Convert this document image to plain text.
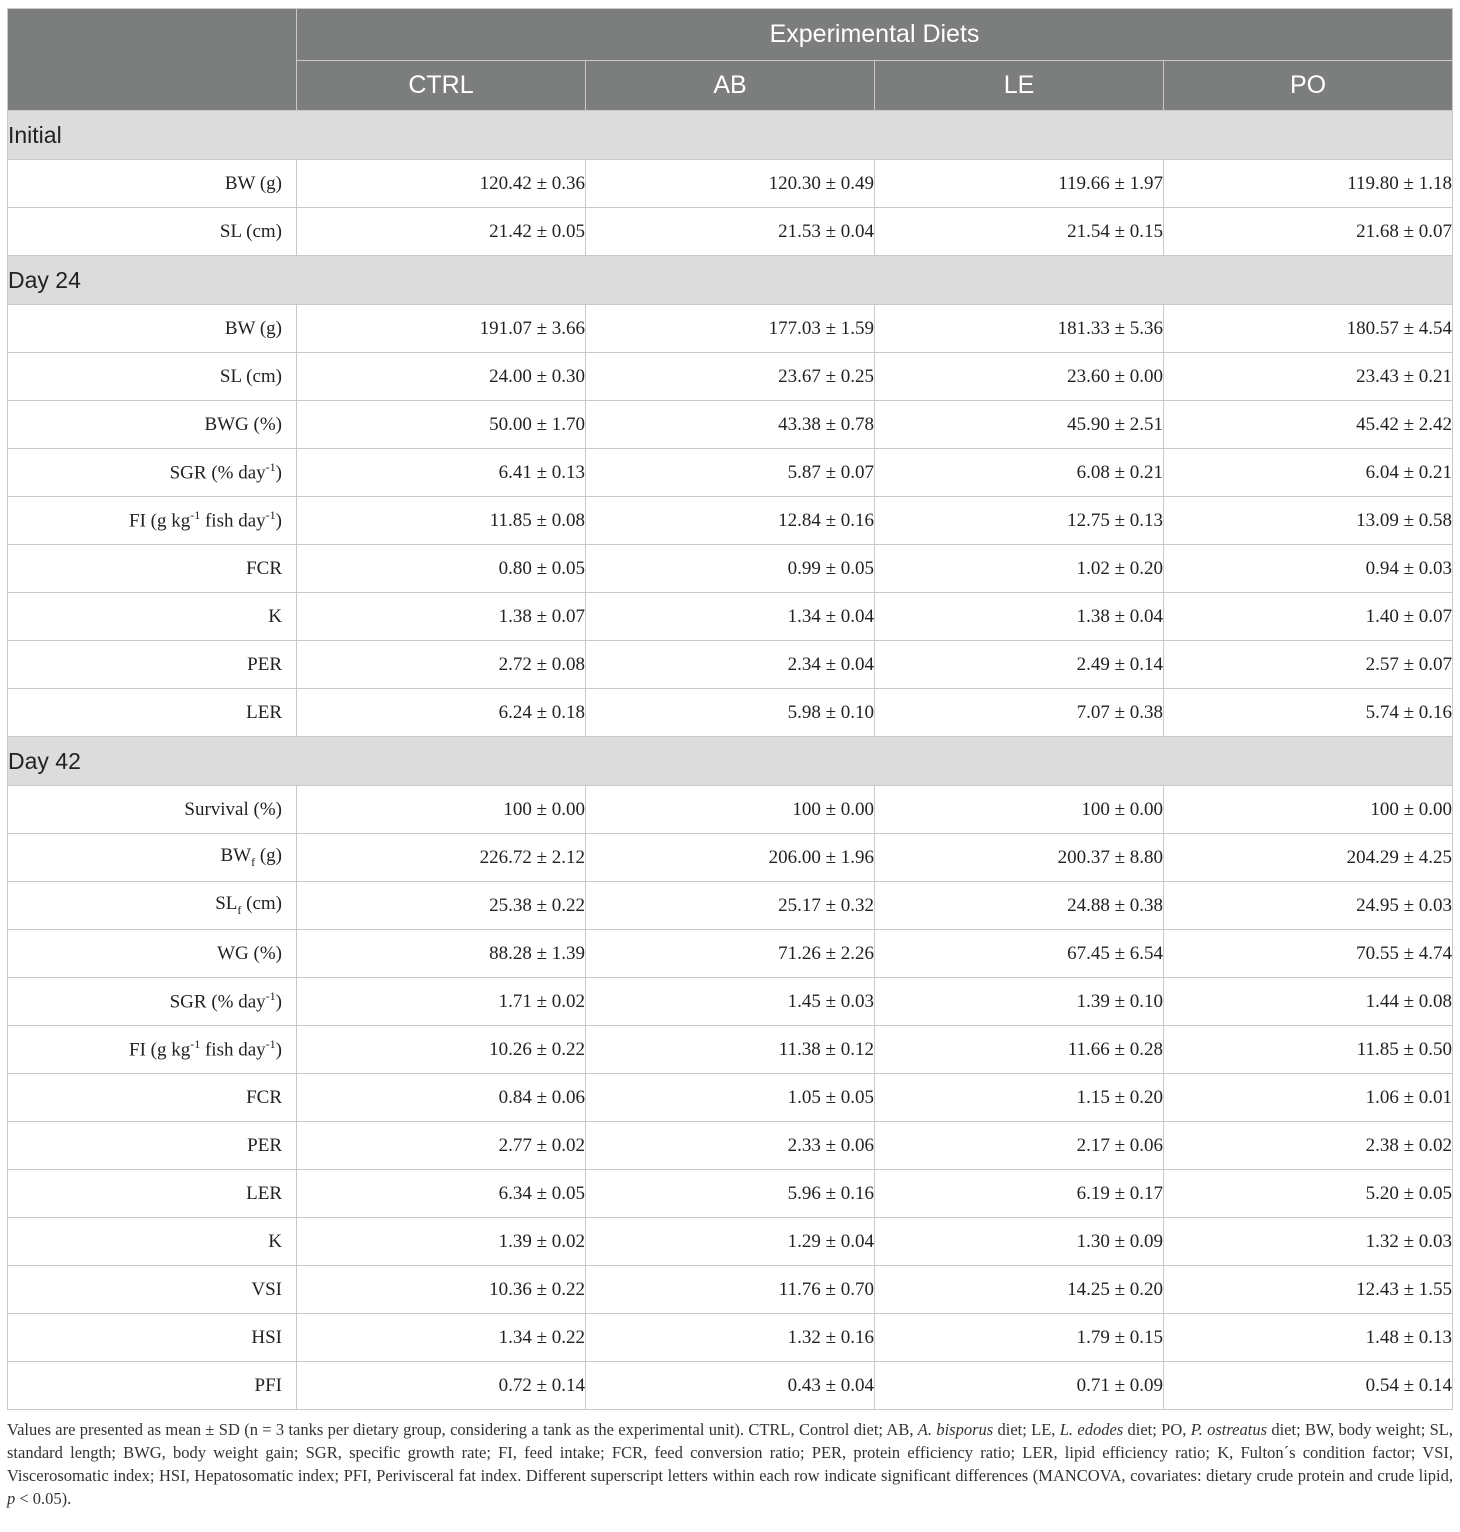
	Experimental Diets			
	CTRL	AB	LE	PO
Initial				
BW (g)	120.42 ± 0.36	120.30 ± 0.49	119.66 ± 1.97	119.80 ± 1.18
SL (cm)	21.42 ± 0.05	21.53 ± 0.04	21.54 ± 0.15	21.68 ± 0.07
Day 24				
BW (g)	191.07 ± 3.66	177.03 ± 1.59	181.33 ± 5.36	180.57 ± 4.54
SL (cm)	24.00 ± 0.30	23.67 ± 0.25	23.60 ± 0.00	23.43 ± 0.21
BWG (%)	50.00 ± 1.70	43.38 ± 0.78	45.90 ± 2.51	45.42 ± 2.42
SGR (% day$^{-1}$)	6.41 ± 0.13	5.87 ± 0.07	6.08 ± 0.21	6.04 ± 0.21
FI (g $kg^{-1}$ fish day$^{-1}$)	11.85 ± 0.08	12.84 ± 0.16	12.75 ± 0.13	13.09 ± 0.58
FCR	0.80 ± 0.05	0.99 ± 0.05	1.02 ± 0.20	0.94 ± 0.03
K	1.38 ± 0.07	1.34 ± 0.04	1.38 ± 0.04	1.40 ± 0.07
PER	2.72 ± 0.08	2.34 ± 0.04	2.49 ± 0.14	2.57 ± 0.07
LER	6.24 ± 0.18	5.98 ± 0.10	7.07 ± 0.38	5.74 ± 0.16
Day 42				
Survival (%)	100 ± 0.00	100 ± 0.00	100 ± 0.00	100 ± 0.00
$BW_f$ (g)	226.72 ± 2.12	206.00 ± 1.96	200.37 ± 8.80	204.29 ± 4.25
$SL_f$ (cm)	25.38 ± 0.22	25.17 ± 0.32	24.88 ± 0.38	24.95 ± 0.03
WG (%)	88.28 ± 1.39	71.26 ± 2.26	67.45 ± 6.54	70.55 ± 4.74
SGR (% day$^{-1}$)	1.71 ± 0.02	1.45 ± 0.03	1.39 ± 0.10	1.44 ± 0.08
FI (g $kg^{-1}$ fish day$^{-1}$)	10.26 ± 0.22	11.38 ± 0.12	11.66 ± 0.28	11.85 ± 0.50
FCR	0.84 ± 0.06	1.05 ± 0.05	1.15 ± 0.20	1.06 ± 0.01
PER	2.77 ± 0.02	2.33 ± 0.06	2.17 ± 0.06	2.38 ± 0.02
LER	6.34 ± 0.05	5.96 ± 0.16	6.19 ± 0.17	5.20 ± 0.05
K	1.39 ± 0.02	1.29 ± 0.04	1.30 ± 0.09	1.32 ± 0.03
VSI	10.36 ± 0.22	11.76 ± 0.70	14.25 ± 0.20	12.43 ± 1.55
HSI	1.34 ± 0.22	1.32 ± 0.16	1.79 ± 0.15	1.48 ± 0.13
PFI	0.72 ± 0.14	0.43 ± 0.04	0.71 ± 0.09	0.54 ± 0.14
Values are presented as mean ± SD (n = 3 tanks per dietary group, considering a tank as the experimental unit). CTRL, Control diet; AB, A. bisporus diet; LE, L. edodes diet; PO, P. ostreatus diet; BW, body weight; SL, standard length; BWG, body weight gain; SGR, specific growth rate; FI, feed intake; FCR, feed conversion ratio; PER, protein efficiency ratio; LER, lipid efficiency ratio; K, Fulton´s condition factor; VSI, Viscerosomatic index; HSI, Hepatosomatic index; PFI, Perivisceral fat index. Different superscript letters within each row indicate significant differences (MANCOVA, covariates: dietary crude protein and crude lipid, p < 0.05).
